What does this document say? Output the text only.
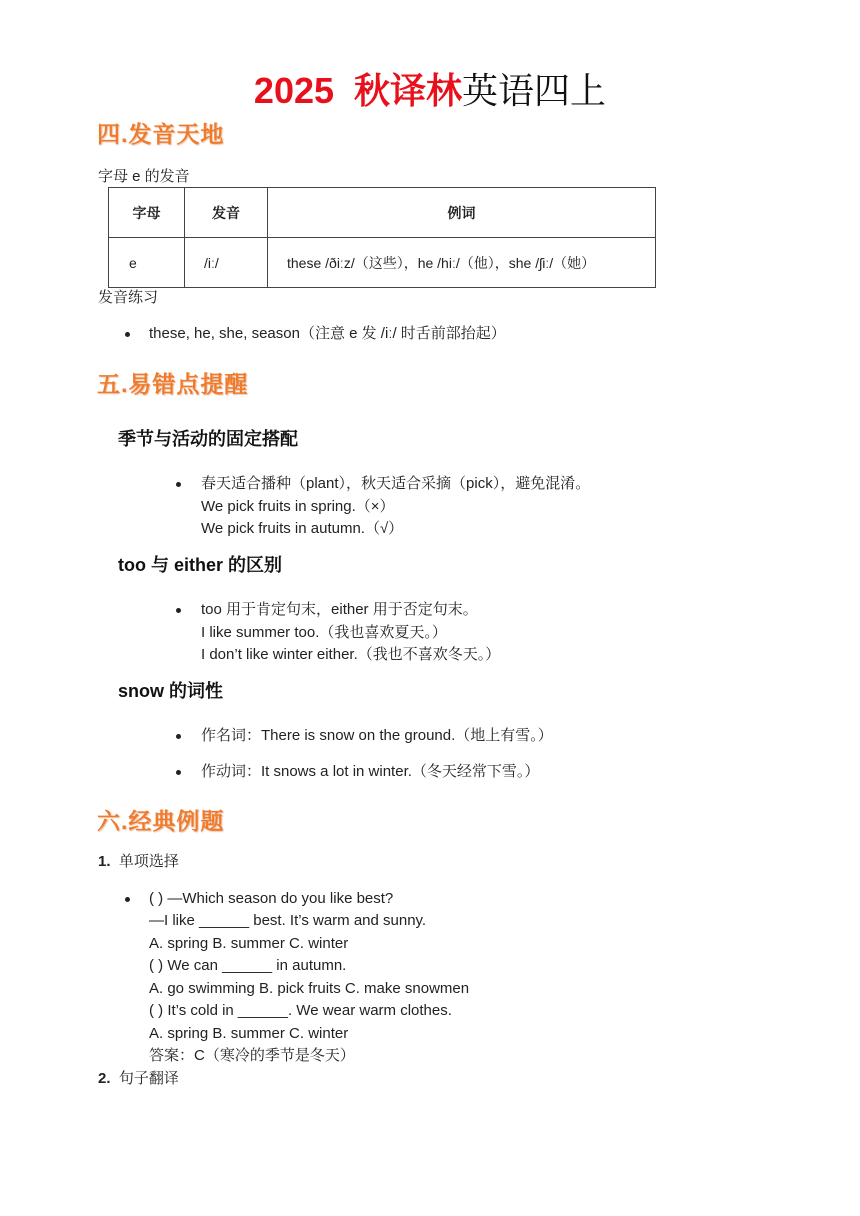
2025 秋译林英语四上
四.发音天地
字母 e 的发音
字母	发音	例词
e	/iː/	these /ðiːz/（这些），he /hiː/（他），she /ʃiː/（她）
发音练习
these, he, she, season（注意 e 发 /iː/ 时舌前部抬起）
五.易错点提醒
季节与活动的固定搭配
春天适合播种（plant），秋天适合采摘（pick），避免混淆。
We pick fruits in spring.（×）
We pick fruits in autumn.（√）
too 与 either 的区别
too 用于肯定句末，either 用于否定句末。
I like summer too.（我也喜欢夏天。）
I don’t like winter either.（我也不喜欢冬天。）
snow 的词性
作名词：There is snow on the ground.（地上有雪。）
作动词：It snows a lot in winter.（冬天经常下雪。）
六.经典例题
1. 单项选择
( ) —Which season do you like best?
—I like ______ best. It’s warm and sunny.
A. spring B. summer C. winter
( ) We can ______ in autumn.
A. go swimming B. pick fruits C. make snowmen
( ) It’s cold in ______. We wear warm clothes.
A. spring B. summer C. winter
答案：C（寒冷的季节是冬天）
2. 句子翻译
